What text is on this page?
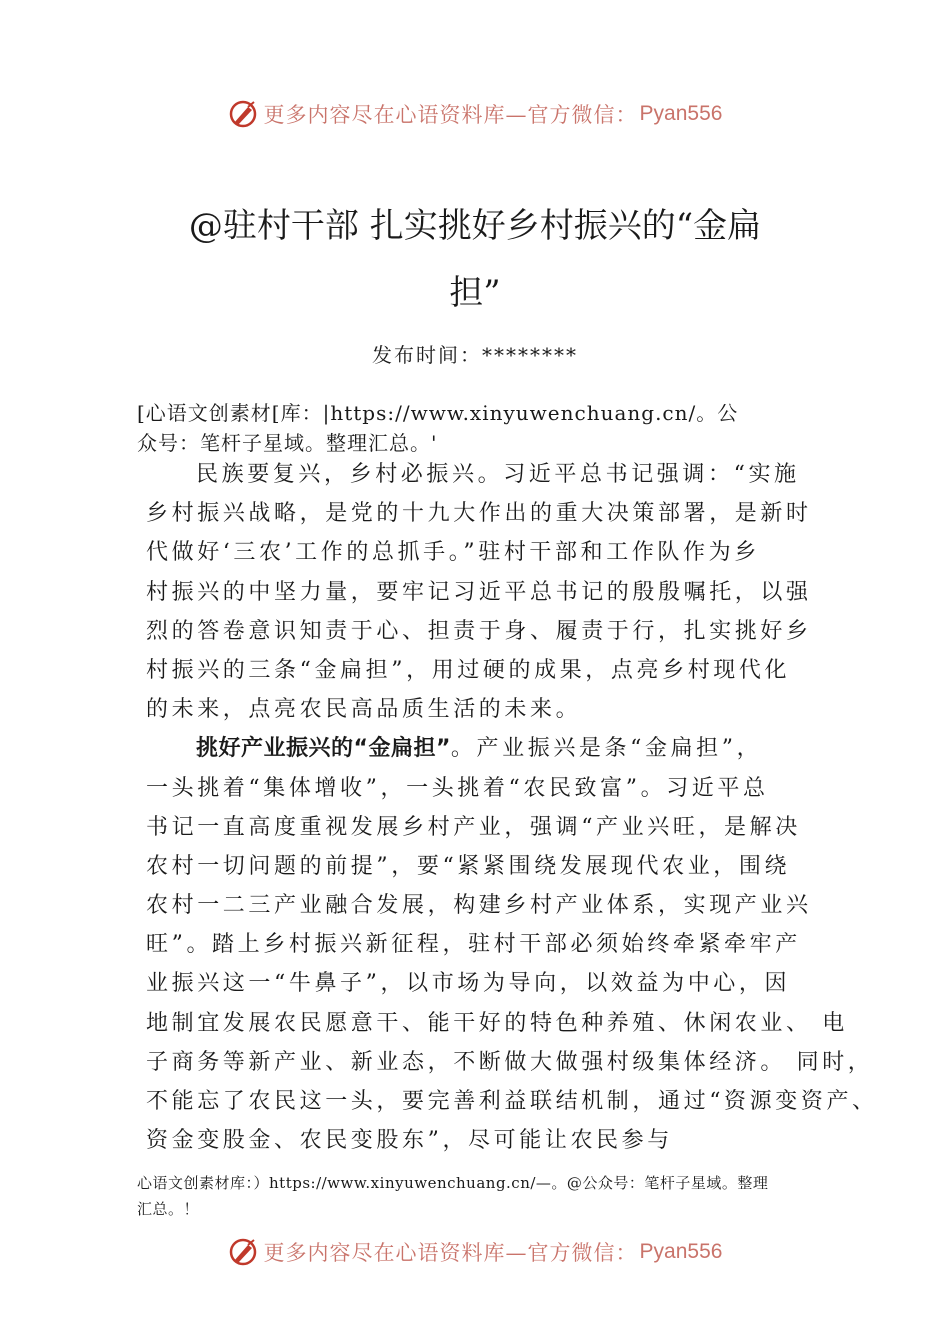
更多内容尽在心语资料库—官方微信： Pyan556
@驻村干部 扎实挑好乡村振兴的“金扁
担”
发布时间：********
[心语文创素材[库：|https://www.xinyuwenchuang.cn/。公
众号：笔杆子星域。整理汇总。'
民族要复兴，乡村必振兴。习近平总书记强调：“实施
乡村振兴战略，是党的十九大作出的重大决策部署，是新时
代做好‘三农’工作的总抓手。”驻村干部和工作队作为乡
村振兴的中坚力量，要牢记习近平总书记的殷殷嘱托，以强
烈的答卷意识知责于心、担责于身、履责于行，扎实挑好乡
村振兴的三条“金扁担”，用过硬的成果，点亮乡村现代化
的未来，点亮农民高品质生活的未来。
挑好产业振兴的“金扁担”。产业振兴是条“金扁担”，
一头挑着“集体增收”，一头挑着“农民致富”。习近平总
书记一直高度重视发展乡村产业，强调“产业兴旺，是解决
农村一切问题的前提”，要“紧紧围绕发展现代农业，围绕
农村一二三产业融合发展，构建乡村产业体系，实现产业兴
旺”。踏上乡村振兴新征程，驻村干部必须始终牵紧牵牢产
业振兴这一“牛鼻子”，以市场为导向，以效益为中心，因
地制宜发展农民愿意干、能干好的特色种养殖、休闲农业、 电
子商务等新产业、新业态，不断做大做强村级集体经济。 同时，
不能忘了农民这一头，要完善利益联结机制，通过“资源变资产、
资金变股金、农民变股东”，尽可能让农民参与
心语文创素材库：）https://www.xinyuwenchuang.cn/—。@公众号：笔杆子星域。整理
汇总。！
更多内容尽在心语资料库—官方微信： Pyan556
